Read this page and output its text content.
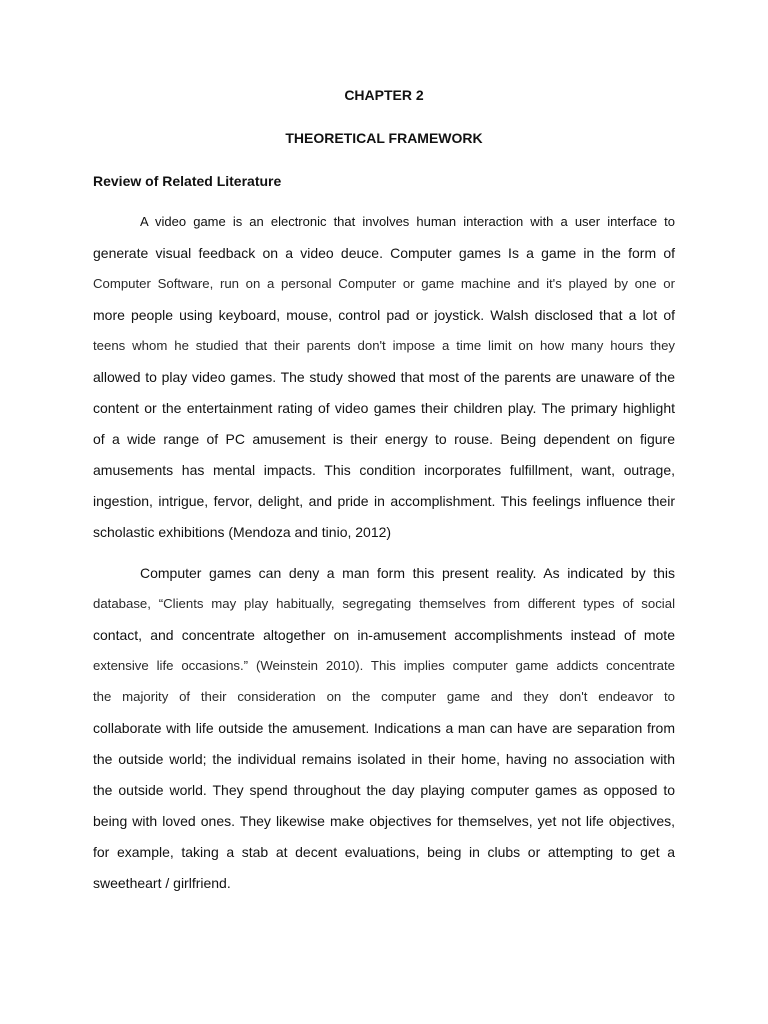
CHAPTER 2
THEORETICAL FRAMEWORK
Review of Related Literature
A video game is an electronic that involves human interaction with a user interface to
generate visual feedback on a video deuce. Computer games Is a game in the form of
Computer Software, run on a personal Computer or game machine and it's played by one or
more people using keyboard, mouse, control pad or joystick. Walsh disclosed that a lot of
teens whom he studied that their parents don't impose a time limit on how many hours they
allowed to play video games. The study showed that most of the parents are unaware of the
content or the entertainment rating of video games their children play. The primary highlight
of a wide range of PC amusement is their energy to rouse. Being dependent on figure
amusements has mental impacts. This condition incorporates fulfillment, want, outrage,
ingestion, intrigue, fervor, delight, and pride in accomplishment. This feelings influence their
scholastic exhibitions (Mendoza and tinio, 2012)
Computer games can deny a man form this present reality. As indicated by this
database, “Clients may play habitually, segregating themselves from different types of social
contact, and concentrate altogether on in-amusement accomplishments instead of mote
extensive life occasions.” (Weinstein 2010). This implies computer game addicts concentrate
the majority of their consideration on the computer game and they don't endeavor to
collaborate with life outside the amusement. Indications a man can have are separation from
the outside world; the individual remains isolated in their home, having no association with
the outside world. They spend throughout the day playing computer games as opposed to
being with loved ones. They likewise make objectives for themselves, yet not life objectives,
for example, taking a stab at decent evaluations, being in clubs or attempting to get a
sweetheart / girlfriend.
